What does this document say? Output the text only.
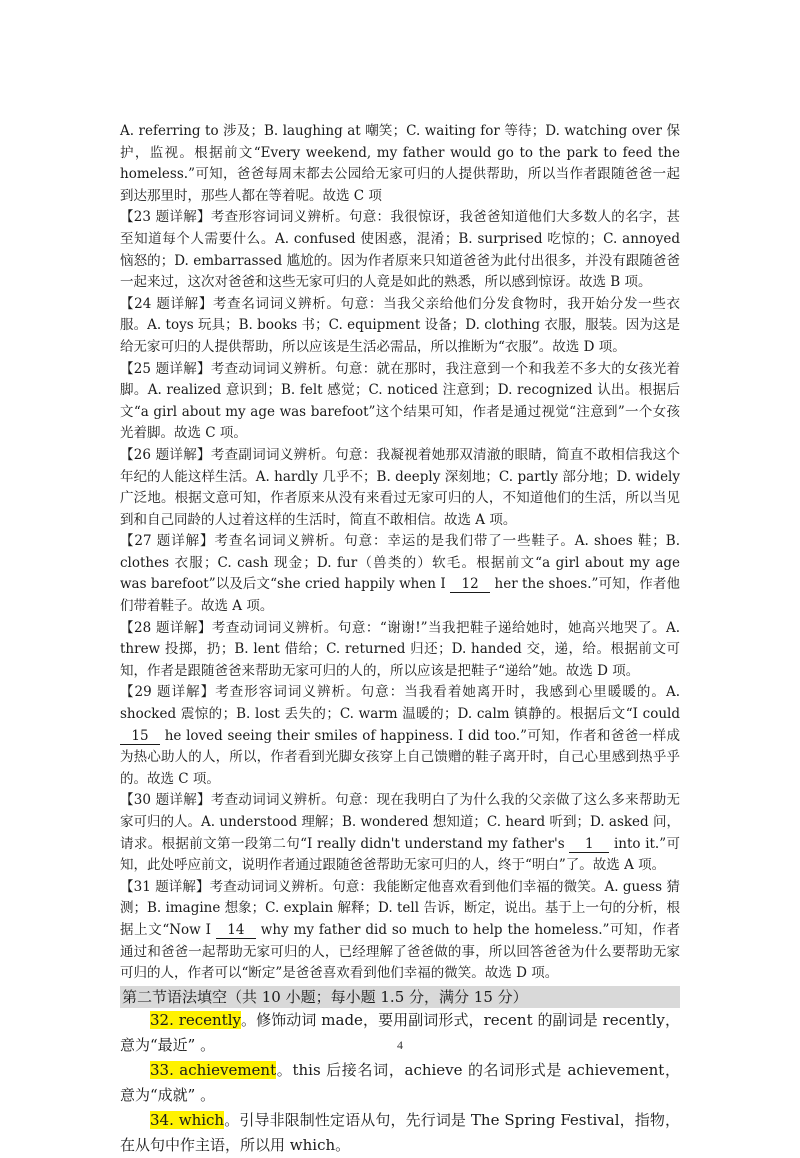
A. referring to 涉及；B. laughing at 嘲笑；C. waiting for 等待；D. watching over 保护，监视。根据前文“Every weekend, my father would go to the park to feed the homeless.”可知，爸爸每周末都去公园给无家可归的人提供帮助，所以当作者跟随爸爸一起到达那里时，那些人都在等着呢。故选 C 项

【23 题详解】考查形容词词义辨析。句意：我很惊讶，我爸爸知道他们大多数人的名字，甚至知道每个人需要什么。A. confused 使困惑，混淆；B. surprised 吃惊的；C. annoyed 恼怒的；D. embarrassed 尴尬的。因为作者原来只知道爸爸为此付出很多，并没有跟随爸爸一起来过，这次对爸爸和这些无家可归的人竟是如此的熟悉，所以感到惊讶。故选 B 项。

【24 题详解】考查名词词义辨析。句意：当我父亲给他们分发食物时，我开始分发一些衣服。A. toys 玩具；B. books 书；C. equipment 设备；D. clothing 衣服，服装。因为这是给无家可归的人提供帮助，所以应该是生活必需品，所以推断为“衣服”。故选 D 项。

【25 题详解】考查动词词义辨析。句意：就在那时，我注意到一个和我差不多大的女孩光着脚。A. realized 意识到；B. felt 感觉；C. noticed 注意到；D. recognized 认出。根据后文“a girl about my age was barefoot”这个结果可知，作者是通过视觉“注意到”一个女孩光着脚。故选 C 项。

【26 题详解】考查副词词义辨析。句意：我凝视着她那双清澈的眼睛，简直不敢相信我这个年纪的人能这样生活。A. hardly 几乎不；B. deeply 深刻地；C. partly 部分地；D. widely 广泛地。根据文意可知，作者原来从没有来看过无家可归的人，不知道他们的生活，所以当见到和自己同龄的人过着这样的生活时，简直不敢相信。故选 A 项。

【27 题详解】考查名词词义辨析。句意：幸运的是我们带了一些鞋子。A. shoes 鞋；B. clothes 衣服；C. cash 现金；D. fur（兽类的）软毛。根据前文“a girl about my age was barefoot”以及后文“she cried happily when I 12 her the shoes.”可知，作者他们带着鞋子。故选 A 项。

【28 题详解】考查动词词义辨析。句意：“谢谢!”当我把鞋子递给她时，她高兴地哭了。A. threw 投掷，扔；B. lent 借给；C. returned 归还；D. handed 交，递，给。根据前文可知，作者是跟随爸爸来帮助无家可归的人的，所以应该是把鞋子“递给”她。故选 D 项。

【29 题详解】考查形容词词义辨析。句意：当我看着她离开时，我感到心里暖暖的。A. shocked 震惊的；B. lost 丢失的；C. warm 温暖的；D. calm 镇静的。根据后文“I could 15 he loved seeing their smiles of happiness. I did too.”可知，作者和爸爸一样成为热心助人的人，所以，作者看到光脚女孩穿上自己馈赠的鞋子离开时，自己心里感到热乎乎的。故选 C 项。

【30 题详解】考查动词词义辨析。句意：现在我明白了为什么我的父亲做了这么多来帮助无家可归的人。A. understood 理解；B. wondered 想知道；C. heard 听到；D. asked 问，请求。根据前文第一段第二句“I really didn't understand my father's 1 into it.”可知，此处呼应前文，说明作者通过跟随爸爸帮助无家可归的人，终于“明白”了。故选 A 项。

【31 题详解】考查动词词义辨析。句意：我能断定他喜欢看到他们幸福的微笑。A. guess 猜测；B. imagine 想象；C. explain 解释；D. tell 告诉，断定，说出。基于上一句的分析，根据上文“Now I 14 why my father did so much to help the homeless.”可知，作者通过和爸爸一起帮助无家可归的人，已经理解了爸爸做的事，所以回答爸爸为什么要帮助无家可归的人，作者可以“断定”是爸爸喜欢看到他们幸福的微笑。故选 D 项。

第二节语法填空（共 10 小题；每小题 1.5 分，满分 15 分）

32. recently。修饰动词 made，要用副词形式，recent 的副词是 recently，意为“最近” 。

33. achievement。this 后接名词，achieve 的名词形式是 achievement，意为“成就” 。

34. which。引导非限制性定语从句，先行词是 The Spring Festival，指物，在从句中作主语，所以用 which。

4
